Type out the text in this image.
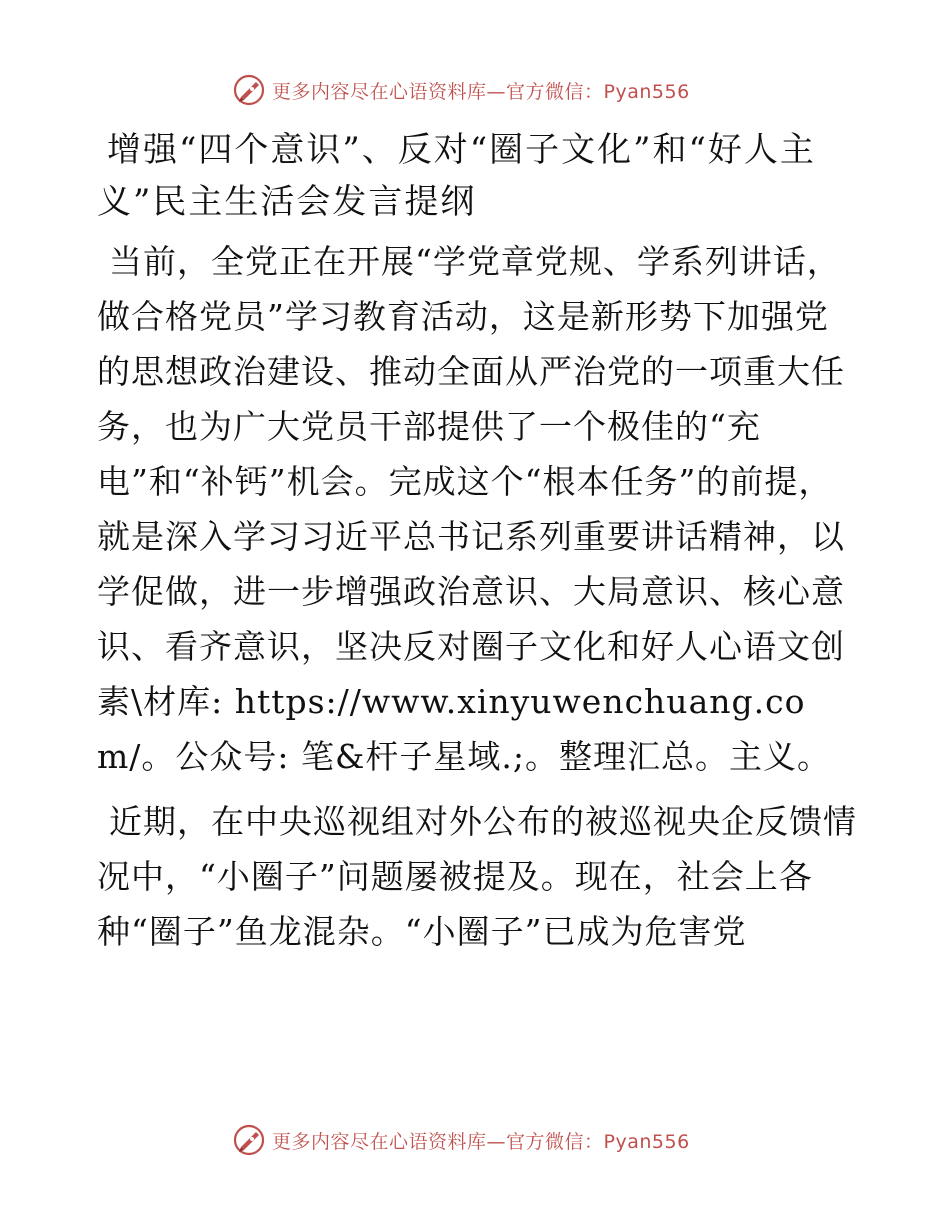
更多内容尽在心语资料库—官方微信：Pyan556
增强“四个意识”、反对“圈子文化”和“好人主义”民主生活会发言提纲

当前，全党正在开展“学党章党规、学系列讲话，做合格党员”学习教育活动，这是新形势下加强党的思想政治建设、推动全面从严治党的一项重大任务，也为广大党员干部提供了一个极佳的“充电”和“补钙”机会。完成这个“根本任务”的前提，就是深入学习习近平总书记系列重要讲话精神，以学促做，进一步增强政治意识、大局意识、核心意识、看齐意识，坚决反对圈子文化和好人心语文创素\材库: https://www.xinyuwenchuang.com/。公众号: 笔&杆子星域.;。整理汇总。主义。

近期，在中央巡视组对外公布的被巡视央企反馈情况中，“小圈子”问题屡被提及。现在，社会上各种“圈子”鱼龙混杂。“小圈子”已成为危害党

更多内容尽在心语资料库—官方微信：Pyan556
